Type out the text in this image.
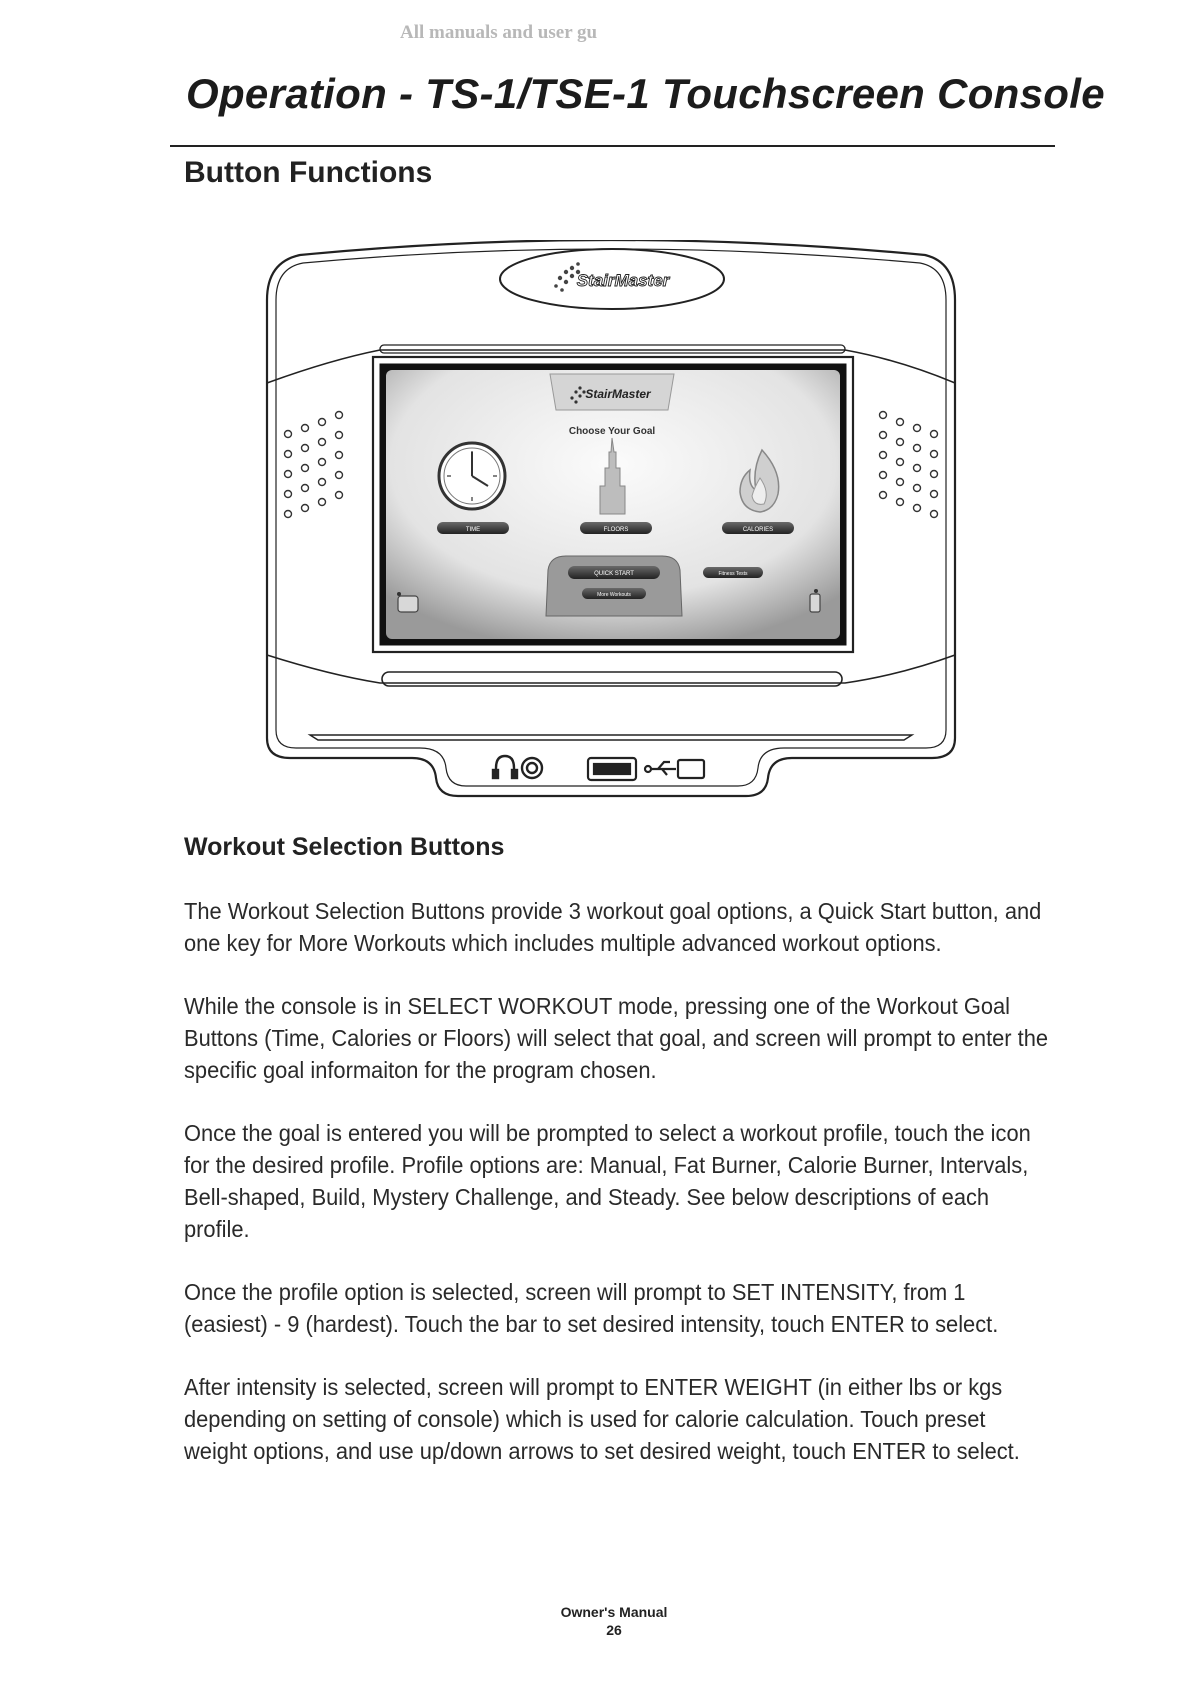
All manuals and user gu
Operation - TS-1/TSE-1 Touchscreen Console
Button Functions
StairMaster
StairMaster
Choose Your Goal
TIME	FLOORS	CALORIES
QUICK START
More Workouts
Fitness Tests
Workout Selection Buttons

The Workout Selection Buttons provide 3 workout goal options, a Quick Start button, and one key for More Workouts which includes multiple advanced workout options.

While the console is in SELECT WORKOUT mode, pressing one of the Workout Goal Buttons (Time, Calories or Floors) will select that goal, and screen will prompt to enter the specific goal informaiton for the program chosen.

Once the goal is entered you will be prompted to select a workout profile, touch the icon for the desired profile. Profile options are: Manual, Fat Burner, Calorie Burner, Intervals, Bell-shaped, Build, Mystery Challenge, and Steady. See below descriptions of each profile.

Once the profile option is selected, screen will prompt to SET INTENSITY, from 1 (easiest) - 9 (hardest). Touch the bar to set desired intensity, touch ENTER to select.

After intensity is selected, screen will prompt to ENTER WEIGHT (in either lbs or kgs depending on setting of console) which is used for calorie calculation. Touch preset weight options, and use up/down arrows to set desired weight, touch ENTER to select.

Owner's Manual
26
